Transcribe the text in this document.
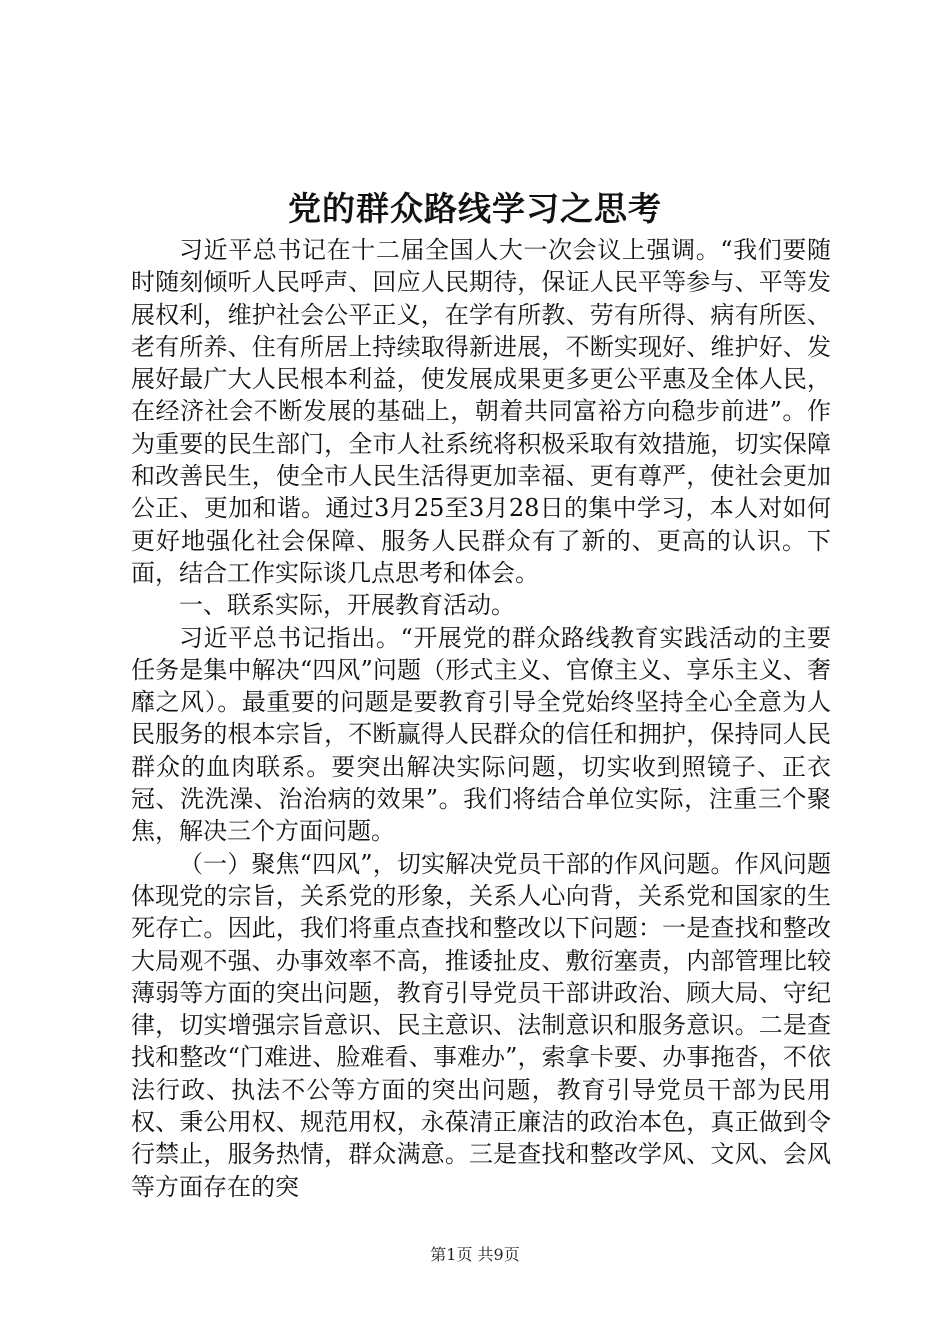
党的群众路线学习之思考

习近平总书记在十二届全国人大一次会议上强调。“我们要随时随刻倾听人民呼声、回应人民期待，保证人民平等参与、平等发展权利，维护社会公平正义，在学有所教、劳有所得、病有所医、老有所养、住有所居上持续取得新进展，不断实现好、维护好、发展好最广大人民根本利益，使发展成果更多更公平惠及全体人民，在经济社会不断发展的基础上，朝着共同富裕方向稳步前进”。作为重要的民生部门，全市人社系统将积极采取有效措施，切实保障和改善民生，使全市人民生活得更加幸福、更有尊严，使社会更加公正、更加和谐。通过3月25至3月28日的集中学习，本人对如何更好地强化社会保障、服务人民群众有了新的、更高的认识。下面，结合工作实际谈几点思考和体会。

一、联系实际，开展教育活动。

习近平总书记指出。“开展党的群众路线教育实践活动的主要任务是集中解决“四风”问题（形式主义、官僚主义、享乐主义、奢靡之风）。最重要的问题是要教育引导全党始终坚持全心全意为人民服务的根本宗旨，不断赢得人民群众的信任和拥护，保持同人民群众的血肉联系。要突出解决实际问题，切实收到照镜子、正衣冠、洗洗澡、治治病的效果”。我们将结合单位实际，注重三个聚焦，解决三个方面问题。

（一）聚焦“四风”，切实解决党员干部的作风问题。作风问题体现党的宗旨，关系党的形象，关系人心向背，关系党和国家的生死存亡。因此，我们将重点查找和整改以下问题：一是查找和整改大局观不强、办事效率不高，推诿扯皮、敷衍塞责，内部管理比较薄弱等方面的突出问题，教育引导党员干部讲政治、顾大局、守纪律，切实增强宗旨意识、民主意识、法制意识和服务意识。二是查找和整改“门难进、脸难看、事难办”，索拿卡要、办事拖沓，不依法行政、执法不公等方面的突出问题，教育引导党员干部为民用权、秉公用权、规范用权，永葆清正廉洁的政治本色，真正做到令行禁止，服务热情，群众满意。三是查找和整改学风、文风、会风等方面存在的突

第1页 共9页
